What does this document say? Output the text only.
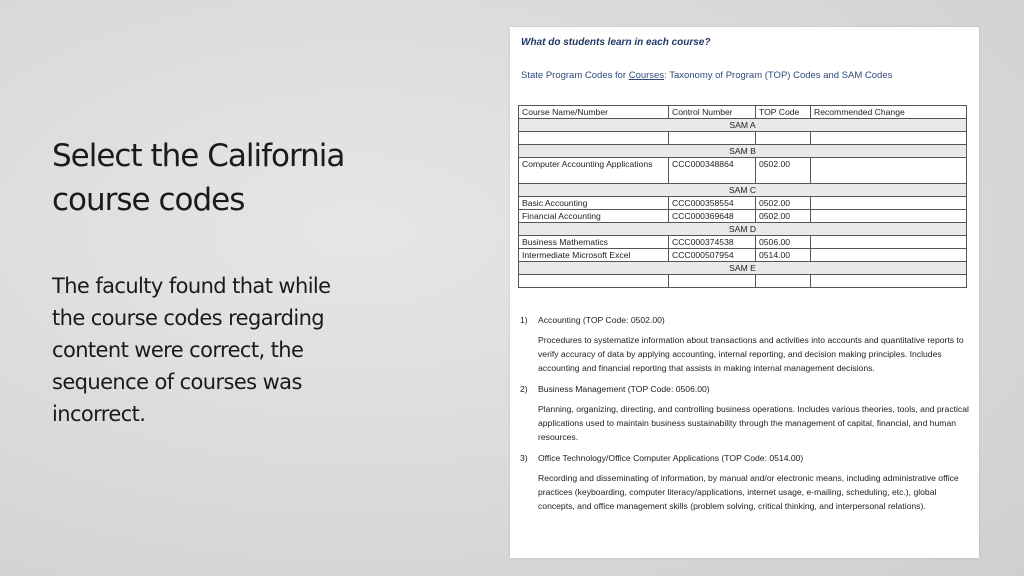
Select the California
course codes
The faculty found that while
the course codes regarding
content were correct, the
sequence of courses was
incorrect.
What do students learn in each course?
State Program Codes for Courses: Taxonomy of Program (TOP) Codes and SAM Codes
Course Name/Number	Control Number	TOP Code	Recommended Change
SAM A			

SAM B			
Computer Accounting Applications	CCC000348864	0502.00	
SAM C			
Basic Accounting	CCC000358554	0502.00	
Financial Accounting	CCC000369648	0502.00	
SAM D			
Business Mathematics	CCC000374538	0506.00	
Intermediate Microsoft Excel	CCC000507954	0514.00	
SAM E			

1)	Accounting (TOP Code: 0502.00)
Procedures to systematize information about transactions and activities into accounts and quantitative reports to verify accuracy of data by applying accounting, internal reporting, and decision making principles. Includes accounting and financial reporting that assists in making internal management decisions.
2)	Business Management (TOP Code: 0506.00)
Planning, organizing, directing, and controlling business operations. Includes various theories, tools, and practical applications used to maintain business sustainability through the management of capital, financial, and human resources.
3)	Office Technology/Office Computer Applications (TOP Code: 0514.00)
Recording and disseminating of information, by manual and/or electronic means, including administrative office practices (keyboarding, computer literacy/applications, internet usage, e-mailing, scheduling, etc.), global concepts, and office management skills (problem solving, critical thinking, and interpersonal relations).
